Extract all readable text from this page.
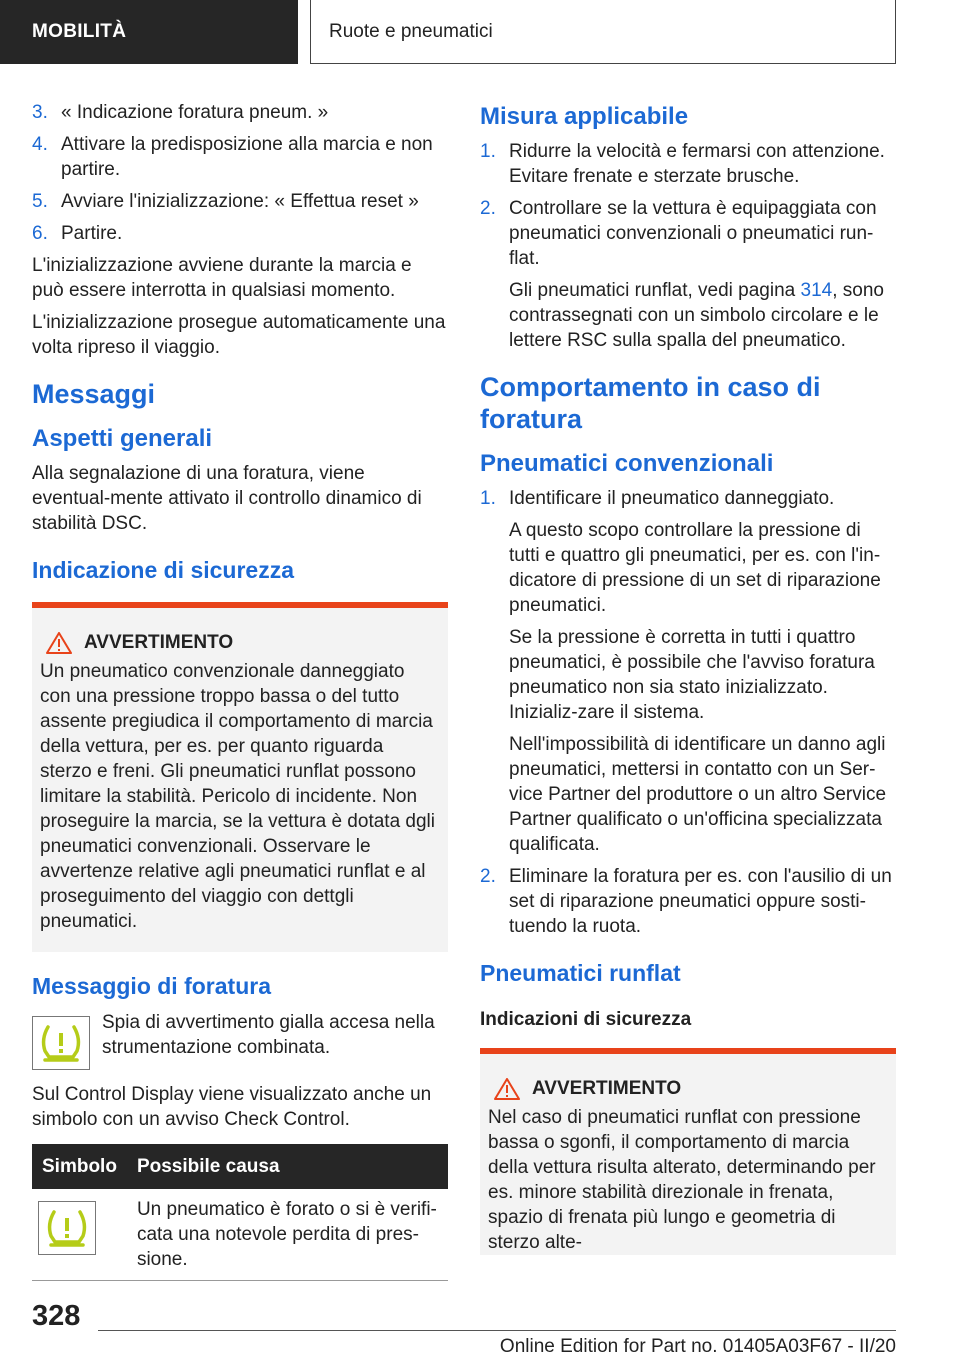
MOBILITÀ	Ruote e pneumatici
3. « Indicazione foratura pneum. »
4. Attivare la predisposizione alla marcia e non partire.
5. Avviare l'inizializzazione: « Effettua reset »
6. Partire.

L'inizializzazione avviene durante la marcia e può essere interrotta in qualsiasi momento.

L'inizializzazione prosegue automaticamente una volta ripreso il viaggio.

Messaggi
Aspetti generali

Alla segnalazione di una foratura, viene eventual-mente attivato il controllo dinamico di stabilità DSC.

Indicazione di sicurezza
AVVERTIMENTO
Un pneumatico convenzionale danneggiato con una pressione troppo bassa o del tutto assente pregiudica il comportamento di marcia della vettura, per es. per quanto riguarda sterzo e freni. Gli pneumatici runflat possono limitare la stabilità. Pericolo di incidente. Non proseguire la marcia, se la vettura è dotata dgli pneumatici convenzionali. Osservare le avvertenze relative agli pneumatici runflat e al proseguimento del viaggio con dettgli pneumatici.
Messaggio di foratura
Spia di avvertimento gialla accesa nella strumentazione combinata.

Sul Control Display viene visualizzato anche un simbolo con un avviso Check Control.

Simbolo	Possibile causa

	Un pneumatico è forato o si è verifi-cata una notevole perdita di pres-sione.
Misura applicabile
1. Ridurre la velocità e fermarsi con attenzione. Evitare frenate e sterzate brusche.
2. Controllare se la vettura è equipaggiata con pneumatici convenzionali o pneumatici run-flat.
Gli pneumatici runflat, vedi pagina 314, sono contrassegnati con un simbolo circolare e le lettere RSC sulla spalla del pneumatico.
Comportamento in caso di foratura
Pneumatici convenzionali
1. Identificare il pneumatico danneggiato.
A questo scopo controllare la pressione di tutti e quattro gli pneumatici, per es. con l'in-dicatore di pressione di un set di riparazione pneumatici.
Se la pressione è corretta in tutti i quattro pneumatici, è possibile che l'avviso foratura pneumatico non sia stato inizializzato. Inizializ-zare il sistema.
Nell'impossibilità di identificare un danno agli pneumatici, mettersi in contatto con un Ser-vice Partner del produttore o un altro Service Partner qualificato o un'officina specializzata qualificata.
2. Eliminare la foratura per es. con l'ausilio di un set di riparazione pneumatici oppure sosti-tuendo la ruota.
Pneumatici runflat
Indicazioni di sicurezza
AVVERTIMENTO
Nel caso di pneumatici runflat con pressione bassa o sgonfi, il comportamento di marcia della vettura risulta alterato, determinando per es. minore stabilità direzionale in frenata, spazio di frenata più lungo e geometria di sterzo alte-
328
Online Edition for Part no. 01405A03F67 - II/20
